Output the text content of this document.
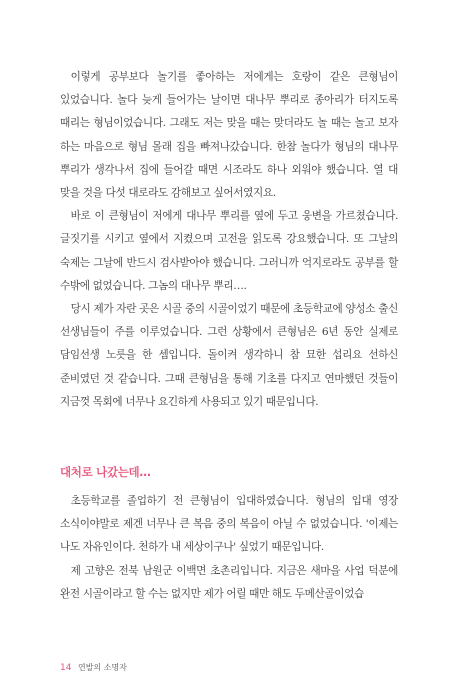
이렇게 공부보다 놀기를 좋아하는 저에게는 호랑이 같은 큰형님이 있었습니다. 놀다 늦게 들어가는 날이면 대나무 뿌리로 종아리가 터지도록 때리는 형님이었습니다. 그래도 저는 맞을 때는 맞더라도 놀 때는 놀고 보자 하는 마음으로 형님 몰래 집을 빠져나갔습니다. 한참 놀다가 형님의 대나무 뿌리가 생각나서 집에 들어갈 때면 시조라도 하나 외워야 했습니다. 열 대 맞을 것을 다섯 대로라도 감해보고 싶어서였지요.

바로 이 큰형님이 저에게 대나무 뿌리를 옆에 두고 웅변을 가르쳤습니다. 글짓기를 시키고 옆에서 지켰으며 고전을 읽도록 강요했습니다. 또 그날의 숙제는 그날에 반드시 검사받아야 했습니다. 그러니까 억지로라도 공부를 할 수밖에 없었습니다. 그놈의 대나무 뿌리….

당시 제가 자란 곳은 시골 중의 시골이었기 때문에 초등학교에 양성소 출신 선생님들이 주를 이루었습니다. 그런 상황에서 큰형님은 6년 동안 실제로 담임선생 노릇을 한 셈입니다. 돌이켜 생각하니 참 묘한 섭리요 선하신 준비였던 것 같습니다. 그때 큰형님을 통해 기초를 다지고 연마했던 것들이 지금껏 목회에 너무나 요긴하게 사용되고 있기 때문입니다.

대처로 나갔는데…

초등학교를 졸업하기 전 큰형님이 입대하였습니다. 형님의 입대 영장 소식이야말로 제겐 너무나 큰 복음 중의 복음이 아닐 수 없었습니다. '이제는 나도 자유인이다. 천하가 내 세상이구나' 싶었기 때문입니다.

제 고향은 전북 남원군 이백면 초촌리입니다. 지금은 새마을 사업 덕분에 완전 시골이라고 할 수는 없지만 제가 어릴 때만 해도 두메산골이었습

14 연발의 소명자
